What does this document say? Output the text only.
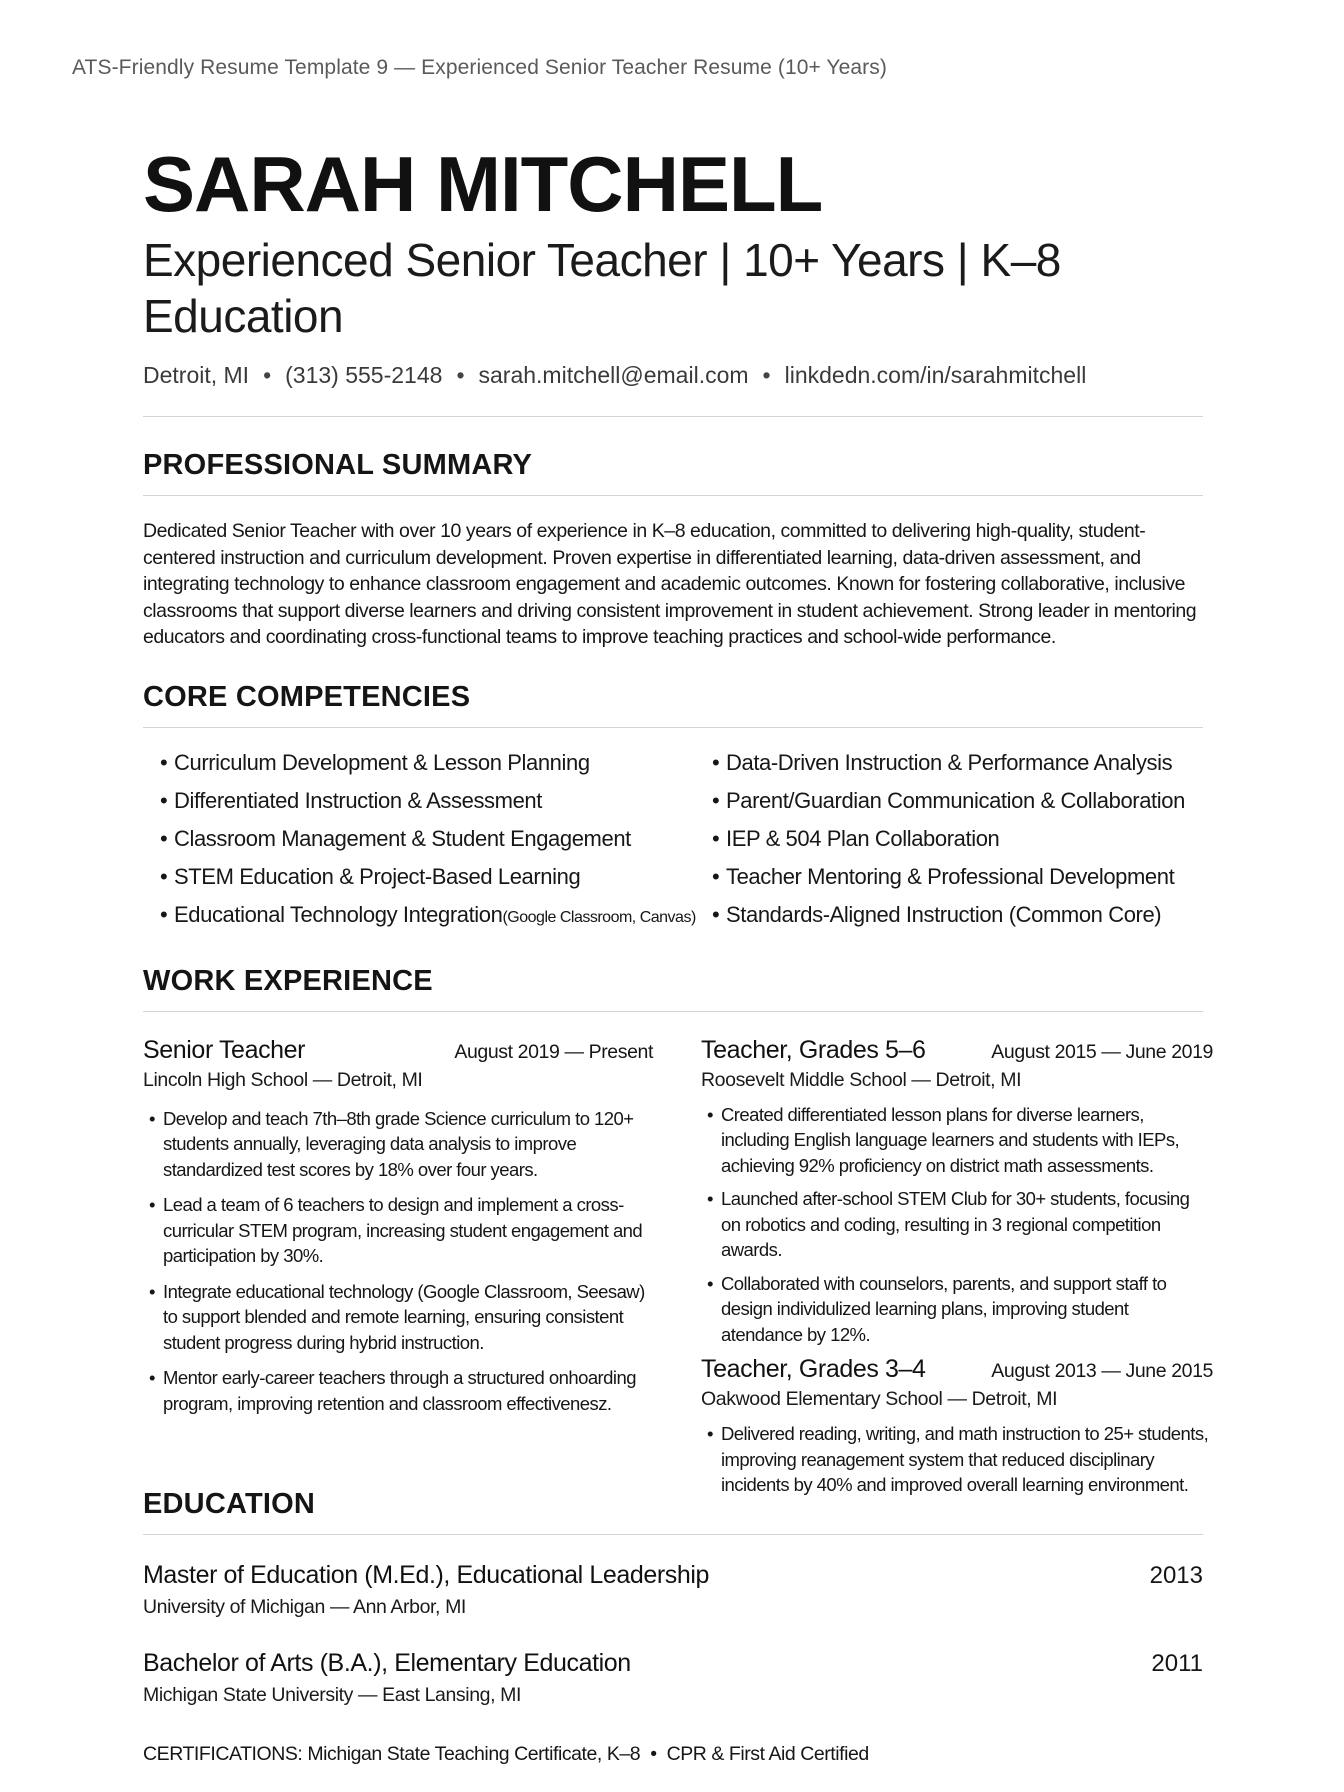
ATS-Friendly Resume Template 9 — Experienced Senior Teacher Resume (10+ Years)
SARAH MITCHELL
Experienced Senior Teacher | 10+ Years | K–8 Education
Detroit, MI • (313) 555-2148 • sarah.mitchell@email.com • linkdedn.com/in/sarahmitchell
PROFESSIONAL SUMMARY
Dedicated Senior Teacher with over 10 years of experience in K–8 education, committed to delivering high-quality, student-centered instruction and curriculum development. Proven expertise in differentiated learning, data-driven assessment, and integrating technology to enhance classroom engagement and academic outcomes. Known for fostering collaborative, inclusive classrooms that support diverse learners and driving consistent improvement in student achievement. Strong leader in mentoring educators and coordinating cross-functional teams to improve teaching practices and school-wide performance.
CORE COMPETENCIES
• Curriculum Development & Lesson Planning
• Differentiated Instruction & Assessment
• Classroom Management & Student Engagement
• STEM Education & Project-Based Learning
• Educational Technology Integration(Google Classroom, Canvas)
• Data-Driven Instruction & Performance Analysis
• Parent/Guardian Communication & Collaboration
• IEP & 504 Plan Collaboration
• Teacher Mentoring & Professional Development
• Standards-Aligned Instruction (Common Core)
WORK EXPERIENCE
Senior Teacher	August 2019 — Present
Lincoln High School — Detroit, MI
• Develop and teach 7th–8th grade Science curriculum to 120+ students annually, leveraging data analysis to improve standardized test scores by 18% over four years.
• Lead a team of 6 teachers to design and implement a cross-curricular STEM program, increasing student engagement and participation by 30%.
• Integrate educational technology (Google Classroom, Seesaw) to support blended and remote learning, ensuring consistent student progress during hybrid instruction.
• Mentor early-career teachers through a structured onhoarding program, improving retention and classroom effectivenesz.
Teacher, Grades 5–6	August 2015 — June 2019
Roosevelt Middle School — Detroit, MI
• Created differentiated lesson plans for diverse learners, including English language learners and students with IEPs, achieving 92% proficiency on district math assessments.
• Launched after-school STEM Club for 30+ students, focusing on robotics and coding, resulting in 3 regional competition awards.
• Collaborated with counselors, parents, and support staff to design individulized learning plans, improving student atendance by 12%.
Teacher, Grades 3–4	August 2013 — June 2015
Oakwood Elementary School — Detroit, MI
• Delivered reading, writing, and math instruction to 25+ students, improving reanagement system that reduced disciplinary incidents by 40% and improved overall learning environment.
EDUCATION
Master of Education (M.Ed.), Educational Leadership	2013
University of Michigan — Ann Arbor, MI
Bachelor of Arts (B.A.), Elementary Education	2011
Michigan State University — East Lansing, MI
CERTIFICATIONS: Michigan State Teaching Certificate, K–8 • CPR & First Aid Certified
